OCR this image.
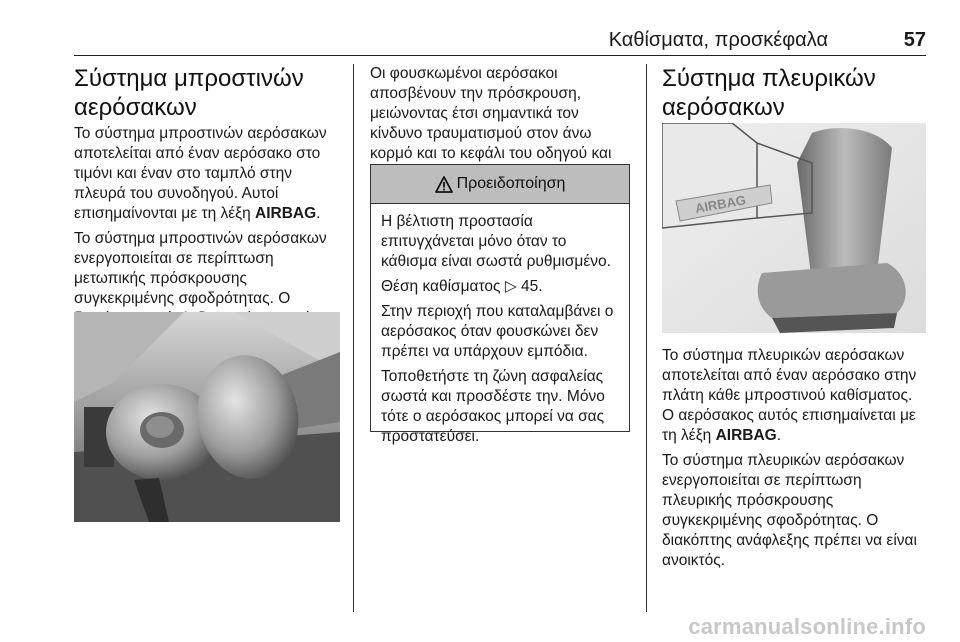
Καθίσματα, προσκέφαλα	57
Σύστημα μπροστινών αερόσακων

Το σύστημα μπροστινών αερόσακων αποτελείται από έναν αερόσακο στο τιμόνι και έναν στο ταμπλό στην πλευρά του συνοδηγού. Αυτοί επισημαίνονται με τη λέξη AIRBAG.

Το σύστημα μπροστινών αερόσακων ενεργοποιείται σε περίπτωση μετωπικής πρόσκρουσης συγκεκριμένης σφοδρότητας. Ο

Οι φουσκωμένοι αερόσακοι αποσβένουν την πρόσκρουση, μειώνοντας έτσι σημαντικά τον κίνδυνο τραυματισμού στον άνω κορμό και το κεφάλι του οδηγού και

Προειδοποίηση

Η βέλτιστη προστασία επιτυγχάνεται μόνο όταν το κάθισμα είναι σωστά ρυθμισμένο.

Θέση καθίσματος ▷ 45.

Στην περιοχή που καταλαμβάνει ο αερόσακος όταν φουσκώνει δεν πρέπει να υπάρχουν εμπόδια.

Τοποθετήστε τη ζώνη ασφαλείας σωστά και προσδέστε την. Μόνο τότε ο αερόσακος μπορεί να σας προστατεύσει.

Σύστημα πλευρικών αερόσακων
AIRBAG

Το σύστημα πλευρικών αερόσακων αποτελείται από έναν αερόσακο στην πλάτη κάθε μπροστινού καθίσματος. Ο αερόσακος αυτός επισημαίνεται με τη λέξη AIRBAG.

Το σύστημα πλευρικών αερόσακων ενεργοποιείται σε περίπτωση πλευρικής πρόσκρουσης συγκεκριμένης σφοδρότητας. Ο διακόπτης ανάφλεξης πρέπει να είναι ανοικτός.

carmanualsonline.info
